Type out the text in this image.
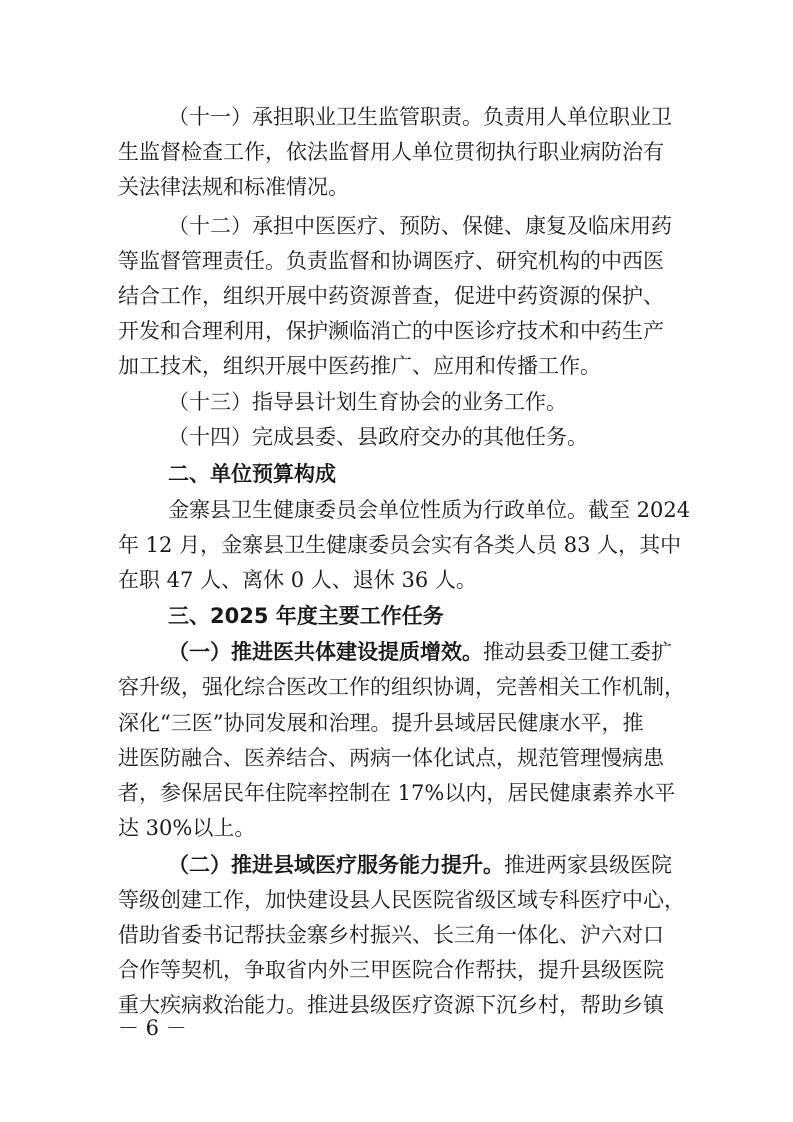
（十一）承担职业卫生监管职责。负责用人单位职业卫
生监督检查工作，依法监督用人单位贯彻执行职业病防治有
关法律法规和标准情况。
（十二）承担中医医疗、预防、保健、康复及临床用药
等监督管理责任。负责监督和协调医疗、研究机构的中西医
结合工作，组织开展中药资源普查，促进中药资源的保护、
开发和合理利用，保护濒临消亡的中医诊疗技术和中药生产
加工技术，组织开展中医药推广、应用和传播工作。
（十三）指导县计划生育协会的业务工作。
（十四）完成县委、县政府交办的其他任务。
二、单位预算构成
金寨县卫生健康委员会单位性质为行政单位。截至 2024
年 12 月，金寨县卫生健康委员会实有各类人员 83 人，其中
在职 47 人、离休 0 人、退休 36 人。
三、2025 年度主要工作任务
（一）推进医共体建设提质增效。推动县委卫健工委扩
容升级，强化综合医改工作的组织协调，完善相关工作机制，
深化“三医”协同发展和治理。提升县域居民健康水平，推
进医防融合、医养结合、两病一体化试点，规范管理慢病患
者，参保居民年住院率控制在 17%以内，居民健康素养水平
达 30%以上。
（二）推进县域医疗服务能力提升。推进两家县级医院
等级创建工作，加快建设县人民医院省级区域专科医疗中心，
借助省委书记帮扶金寨乡村振兴、长三角一体化、沪六对口
合作等契机，争取省内外三甲医院合作帮扶，提升县级医院
重大疾病救治能力。推进县级医疗资源下沉乡村，帮助乡镇
－ 6 －
